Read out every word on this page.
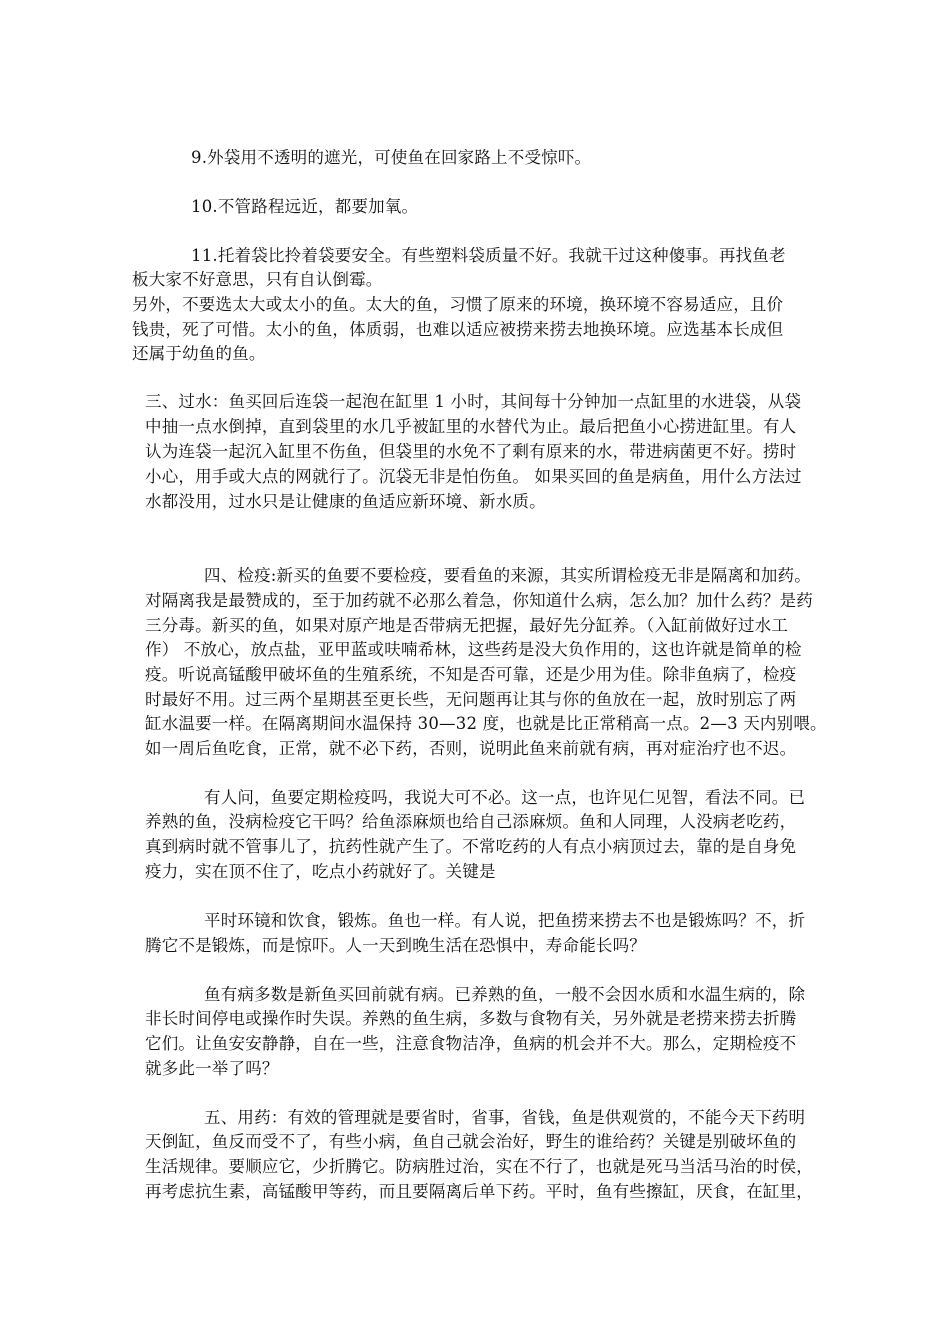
9.外袋用不透明的遮光，可使鱼在回家路上不受惊吓。
10.不管路程远近，都要加氧。
11.托着袋比拎着袋要安全。有些塑料袋质量不好。我就干过这种傻事。再找鱼老
板大家不好意思，只有自认倒霉。
另外，不要选太大或太小的鱼。太大的鱼，习惯了原来的环境，换环境不容易适应，且价
钱贵，死了可惜。太小的鱼，体质弱，也难以适应被捞来捞去地换环境。应选基本长成但
还属于幼鱼的鱼。
三、过水：鱼买回后连袋一起泡在缸里 1 小时，其间每十分钟加一点缸里的水进袋，从袋
中抽一点水倒掉，直到袋里的水几乎被缸里的水替代为止。最后把鱼小心捞进缸里。有人
认为连袋一起沉入缸里不伤鱼，但袋里的水免不了剩有原来的水，带进病菌更不好。捞时
小心，用手或大点的网就行了。沉袋无非是怕伤鱼。 如果买回的鱼是病鱼，用什么方法过
水都没用，过水只是让健康的鱼适应新环境、新水质。
四、检疫:新买的鱼要不要检疫，要看鱼的来源，其实所谓检疫无非是隔离和加药。
对隔离我是最赞成的，至于加药就不必那么着急，你知道什么病，怎么加？加什么药？是药
三分毒。新买的鱼，如果对原产地是否带病无把握，最好先分缸养。（入缸前做好过水工
作） 不放心，放点盐，亚甲蓝或呋喃希林，这些药是没大负作用的，这也许就是简单的检
疫。听说高锰酸甲破坏鱼的生殖系统，不知是否可靠，还是少用为佳。除非鱼病了，检疫
时最好不用。过三两个星期甚至更长些，无问题再让其与你的鱼放在一起，放时别忘了两
缸水温要一样。在隔离期间水温保持 30—32 度，也就是比正常稍高一点。2—3 天内别喂。
如一周后鱼吃食，正常，就不必下药，否则，说明此鱼来前就有病，再对症治疗也不迟。
有人问，鱼要定期检疫吗，我说大可不必。这一点，也许见仁见智，看法不同。已
养熟的鱼，没病检疫它干吗？给鱼添麻烦也给自己添麻烦。鱼和人同理，人没病老吃药，
真到病时就不管事儿了，抗药性就产生了。不常吃药的人有点小病顶过去，靠的是自身免
疫力，实在顶不住了，吃点小药就好了。关键是
平时环镜和饮食，锻炼。鱼也一样。有人说，把鱼捞来捞去不也是锻炼吗？不，折
腾它不是锻炼，而是惊吓。人一天到晚生活在恐惧中，寿命能长吗？
鱼有病多数是新鱼买回前就有病。已养熟的鱼，一般不会因水质和水温生病的，除
非长时间停电或操作时失误。养熟的鱼生病，多数与食物有关，另外就是老捞来捞去折腾
它们。让鱼安安静静，自在一些，注意食物洁净，鱼病的机会并不大。那么，定期检疫不
就多此一举了吗？
五、用药：有效的管理就是要省时，省事，省钱，鱼是供观赏的，不能今天下药明
天倒缸，鱼反而受不了，有些小病，鱼自己就会治好，野生的谁给药？关键是别破坏鱼的
生活规律。要顺应它，少折腾它。防病胜过治，实在不行了，也就是死马当活马治的时侯，
再考虑抗生素，高锰酸甲等药，而且要隔离后单下药。平时，鱼有些擦缸，厌食，在缸里，
